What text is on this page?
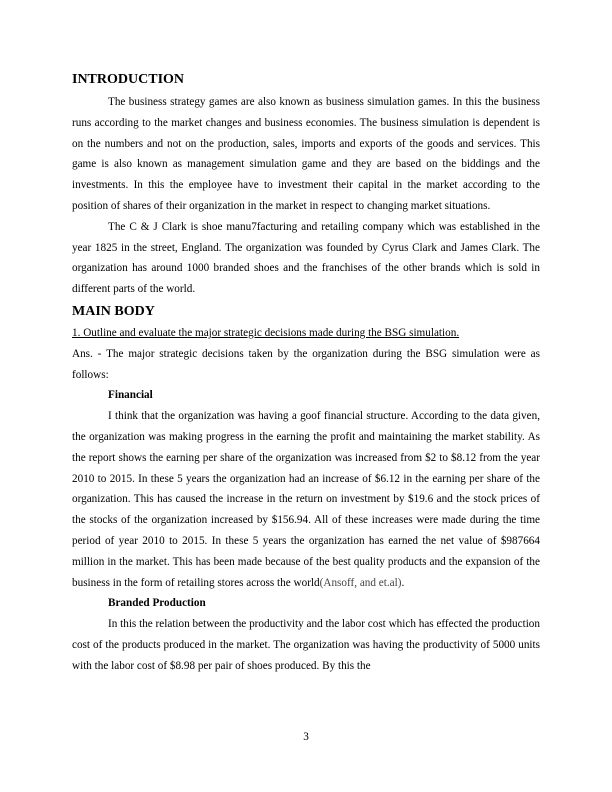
INTRODUCTION

The business strategy games are also known as business simulation games. In this the business runs according to the market changes and business economies. The business simulation is dependent is on the numbers and not on the production, sales, imports and exports of the goods and services. This game is also known as management simulation game and they are based on the biddings and the investments. In this the employee have to investment their capital in the market according to the position of shares of their organization in the market in respect to changing market situations.

The C & J Clark is shoe manu7facturing and retailing company which was established in the year 1825 in the street, England. The organization was founded by Cyrus Clark and James Clark. The organization has around 1000 branded shoes and the franchises of the other brands which is sold in different parts of the world.

MAIN BODY

1. Outline and evaluate the major strategic decisions made during the BSG simulation.

Ans. - The major strategic decisions taken by the organization during the BSG simulation were as follows:

Financial

I think that the organization was having a goof financial structure. According to the data given, the organization was making progress in the earning the profit and maintaining the market stability. As the report shows the earning per share of the organization was increased from $2 to $8.12 from the year 2010 to 2015. In these 5 years the organization had an increase of $6.12 in the earning per share of the organization. This has caused the increase in the return on investment by $19.6 and the stock prices of the stocks of the organization increased by $156.94. All of these increases were made during the time period of year 2010 to 2015. In these 5 years the organization has earned the net value of $987664 million in the market. This has been made because of the best quality products and the expansion of the business in the form of retailing stores across the world(Ansoff, and et.al).

Branded Production

In this the relation between the productivity and the labor cost which has effected the production cost of the products produced in the market. The organization was having the productivity of 5000 units with the labor cost of $8.98 per pair of shoes produced. By this the

3
